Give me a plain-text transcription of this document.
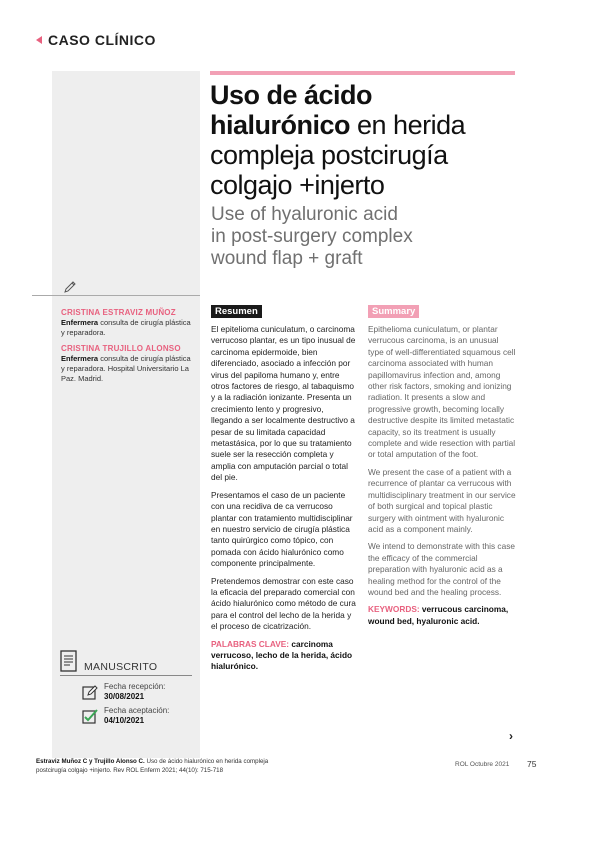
CASO CLÍNICO
Uso de ácido
hialurónico en herida
compleja postcirugía
colgajo +injerto
Use of hyaluronic acid
in post-surgery complex
wound flap + graft
CRISTINA ESTRAVIZ MUÑOZ
Enfermera consulta de cirugía plástica y reparadora.
CRISTINA TRUJILLO ALONSO
Enfermera consulta de cirugía plástica y reparadora. Hospital Universitario La Paz. Madrid.
Resumen	Summary

El epitelioma cuniculatum, o carcinoma verrucoso plantar, es un tipo inusual de carcinoma epidermoide, bien diferenciado, asociado a infección por virus del papiloma humano y, entre otros factores de riesgo, al tabaquismo y a la radiación ionizante. Presenta un crecimiento lento y progresivo, llegando a ser localmente destructivo a pesar de su limitada capacidad metastásica, por lo que su tratamiento suele ser la resección completa y amplia con amputación parcial o total del pie.

Presentamos el caso de un paciente con una recidiva de ca verrucoso plantar con tratamiento multidisciplinar en nuestro servicio de cirugía plástica tanto quirúrgico como tópico, con pomada con ácido hialurónico como componente principalmente.

Pretendemos demostrar con este caso la eficacia del preparado comercial con ácido hialurónico como método de cura para el control del lecho de la herida y el proceso de cicatrización.

PALABRAS CLAVE: carcinoma verrucoso, lecho de la herida, ácido hialurónico.

Epithelioma cuniculatum, or plantar verrucous carcinoma, is an unusual type of well-differentiated squamous cell carcinoma associated with human papillomavirus infection and, among other risk factors, smoking and ionizing radiation. It presents a slow and progressive growth, becoming locally destructive despite its limited metastatic capacity, so its treatment is usually complete and wide resection with partial or total amputation of the foot.

We present the case of a patient with a recurrence of plantar ca verrucous with multidisciplinary treatment in our service of both surgical and topical plastic surgery with ointment with hyaluronic acid as a component mainly.

We intend to demonstrate with this case the efficacy of the commercial preparation with hyaluronic acid as a healing method for the control of the wound bed and the healing process.

KEYWORDS: verrucous carcinoma, wound bed, hyaluronic acid.

MANUSCRITO
Fecha recepción:
30/08/2021
Fecha aceptación:
04/10/2021
›
Estraviz Muñoz C y Trujillo Alonso C. Uso de ácido hialurónico en herida compleja postcirugía colgajo +injerto. Rev ROL Enferm 2021; 44(10): 715-718
ROL Octubre 2021 75
